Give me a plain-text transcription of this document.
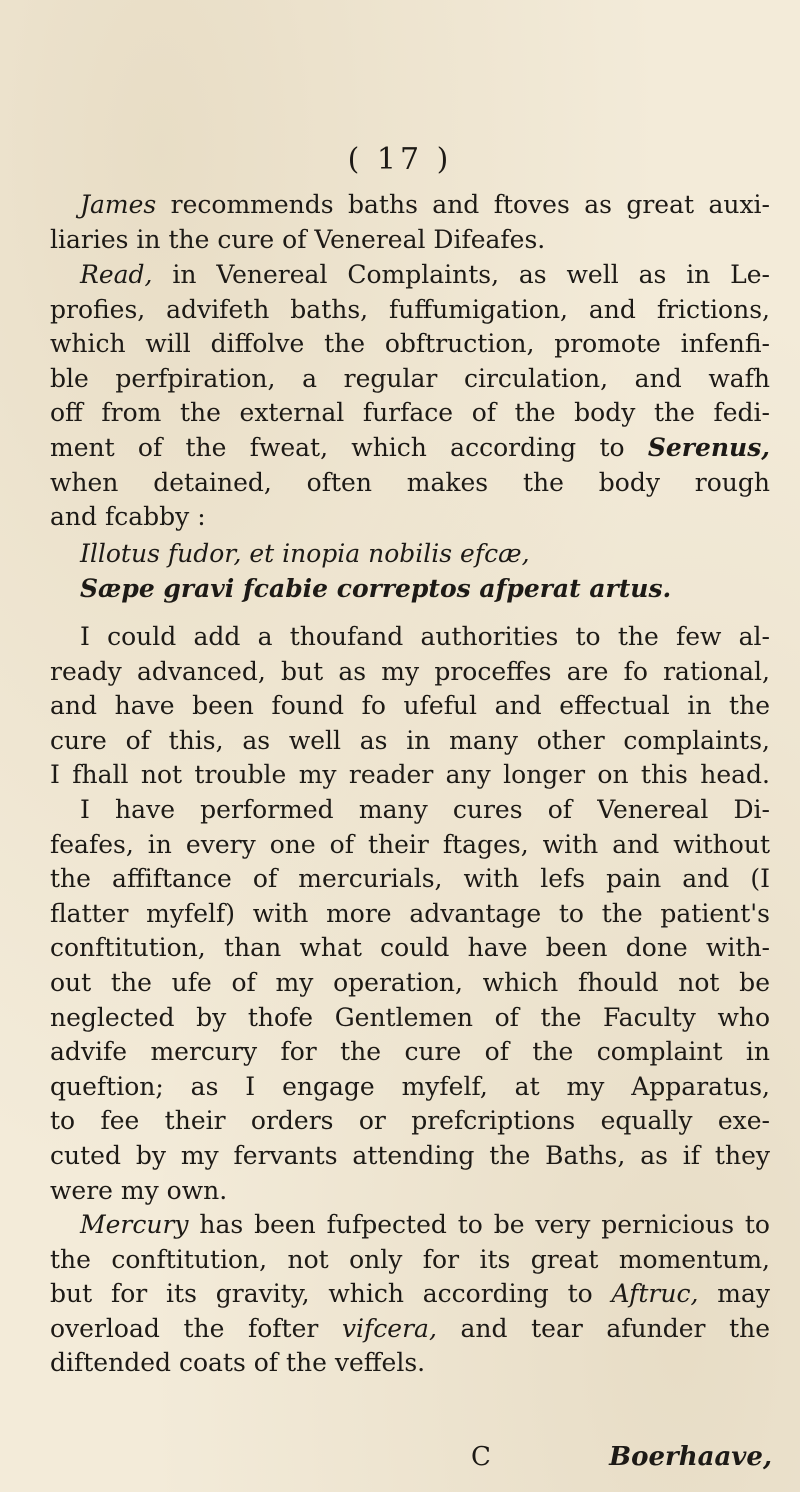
( 17 )
James recommends baths and ftoves as great auxi-
liaries in the cure of Venereal Difeafes.
Read, in Venereal Complaints, as well as in Le-
profies, advifeth baths, fuffumigation, and frictions,
which will diffolve the obftruction, promote infenfi-
ble perfpiration, a regular circulation, and wafh
off from the external furface of the body the fedi-
ment of the fweat, which according to Serenus,
when detained, often makes the body rough
and fcabby :
Illotus fudor, et inopia nobilis efcæ,
Sæpe gravi fcabie correptos afperat artus.
I could add a thoufand authorities to the few al-
ready advanced, but as my proceffes are fo rational,
and have been found fo ufeful and effectual in the
cure of this, as well as in many other complaints,
I fhall not trouble my reader any longer on this head.
I have performed many cures of Venereal Di-
feafes, in every one of their ftages, with and without
the affiftance of mercurials, with lefs pain and (I
flatter myfelf) with more advantage to the patient's
conftitution, than what could have been done with-
out the ufe of my operation, which fhould not be
neglected by thofe Gentlemen of the Faculty who
advife mercury for the cure of the complaint in
queftion; as I engage myfelf, at my Apparatus,
to fee their orders or prefcriptions equally exe-
cuted by my fervants attending the Baths, as if they
were my own.
Mercury has been fufpected to be very pernicious to
the conftitution, not only for its great momentum,
but for its gravity, which according to Aftruc, may
overload the fofter vifcera, and tear afunder the
diftended coats of the veffels.
C	Boerhaave,
